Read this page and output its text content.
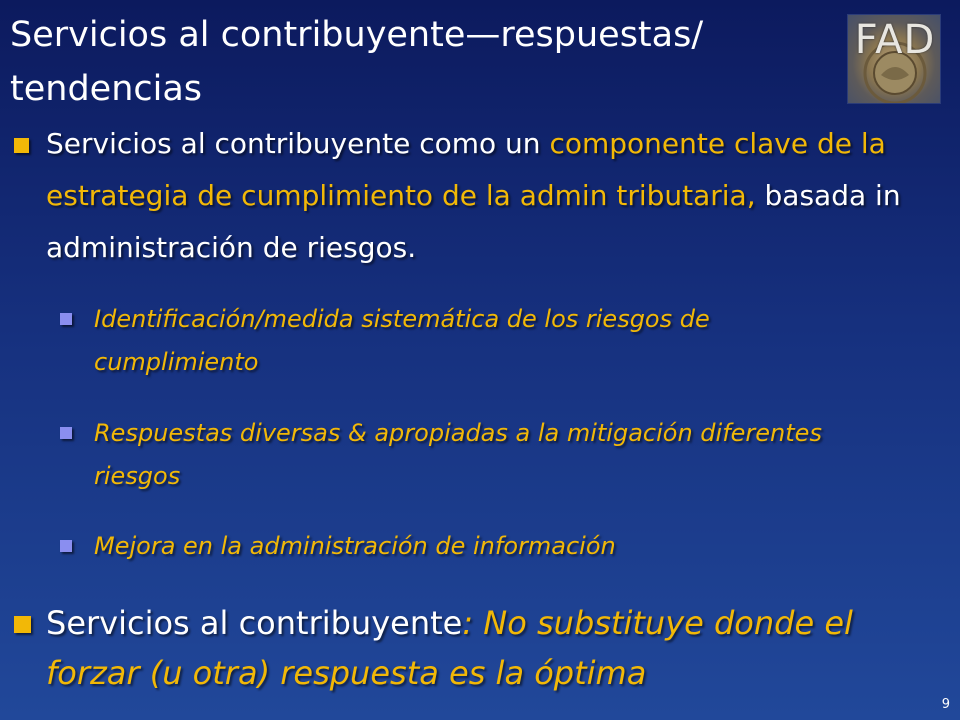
Servicios al contribuyente—respuestas/ tendencias
FAD
Servicios al contribuyente como un componente clave de la estrategia de cumplimiento de la admin tributaria, basada in administración de riesgos.
Identificación/medida sistemática de los riesgos de cumplimiento
Respuestas diversas & apropiadas a la mitigación diferentes riesgos
Mejora en la administración de información
Servicios al contribuyente: No substituye donde el forzar (u otra) respuesta es la óptima
9
